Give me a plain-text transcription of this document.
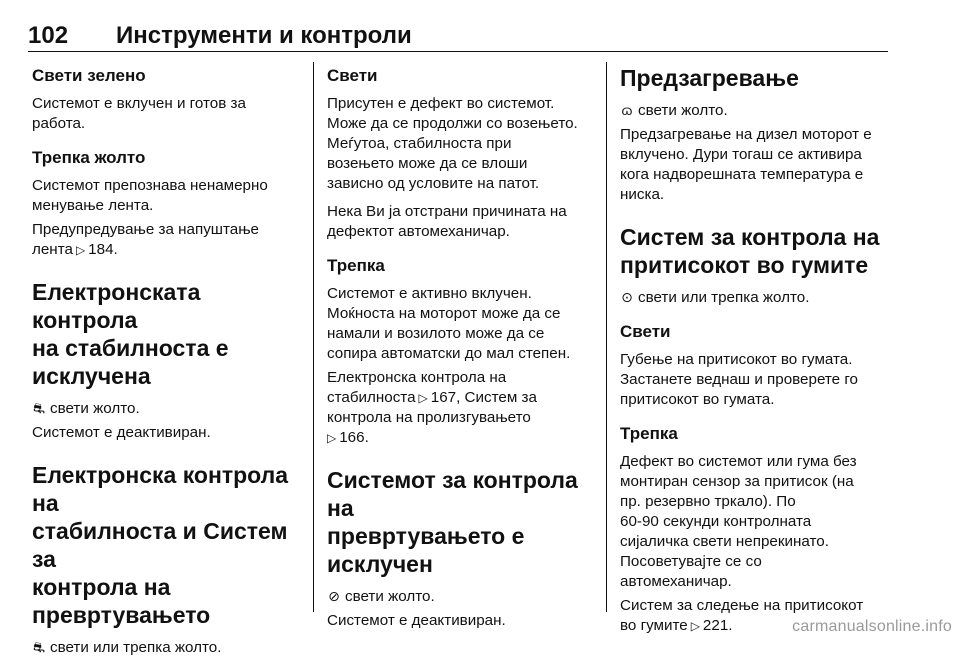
102 Инструменти и контроли
Свети зелено
Системот е вклучен и готов за
работа.
Трепка жолто
Системот препознава ненамерно
менување лента.
Предупредување за напуштање
лента ▷ 184.
Електронската контрола
на стабилноста е
исклучена
⛐ свети жолто.
Системот е деактивиран.
Електронска контрола на
стабилноста и Систем за
контрола на
превртувањето
⛐ свети или трепка жолто.
Свети
Присутен е дефект во системот.
Може да се продолжи со возењето.
Меѓутоа, стабилноста при
возењето може да се влоши
зависно од условите на патот.
Нека Ви ја отстрани причината на
дефектот автомеханичар.
Трепка
Системот е активно вклучен.
Моќноста на моторот може да се
намали и возилото може да се
сопира автоматски до мал степен.
Електронска контрола на
стабилноста ▷ 167, Систем за
контрола на пролизгувањето
▷ 166.
Системот за контрола на
превртувањето е
исклучен
⊘ свети жолто.
Системот е деактивиран.
Предзагревање
ɷ свети жолто.
Предзагревање на дизел моторот е
вклучено. Дури тогаш се активира
кога надворешната температура е
ниска.
Систем за контрола на
притисокот во гумите
⊙ свети или трепка жолто.
Свети
Губење на притисокот во гумата.
Застанете веднаш и проверете го
притисокот во гумата.
Трепка
Дефект во системот или гума без
монтиран сензор за притисок (на
пр. резервно тркало). По
60-90 секунди контролната
сијаличка свети непрекинато.
Посоветувајте се со
автомеханичар.
Систем за следење на притисокот
во гумите ▷ 221.	carmanualsonline.info
